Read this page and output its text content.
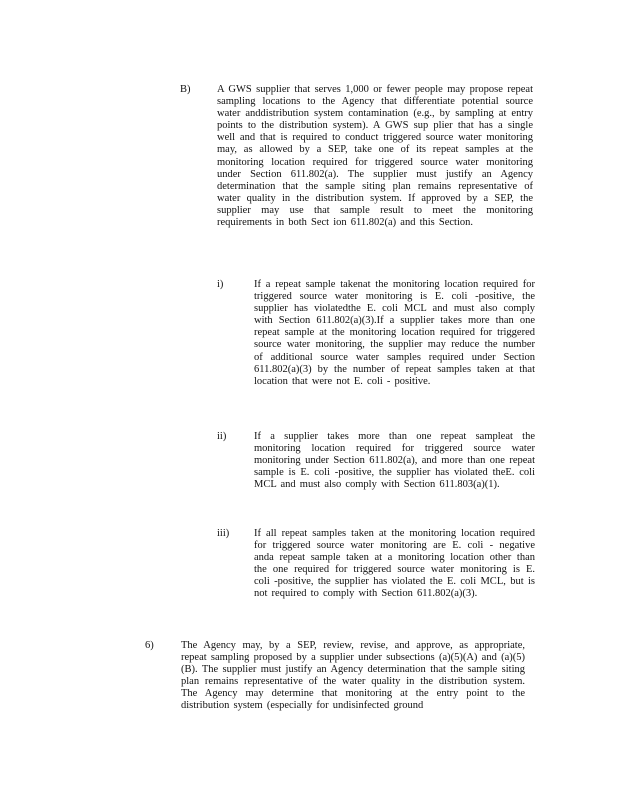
B)	A GWS supplier that serves 1,000 or fewer people may propose repeat sampling locations to the Agency that differentiate potential source water anddistribution system contamination (e.g., by sampling at entry points to the distribution system). A GWS sup plier that has a single well and that is required to conduct triggered source water monitoring may, as allowed by a SEP, take one of its repeat samples at the monitoring location required for triggered source water monitoring under Section 611.802(a). The supplier must justify an Agency determination that the sample siting plan remains representative of water quality in the distribution system. If approved by a SEP, the supplier may use that sample result to meet the monitoring requirements in both Sect ion 611.802(a) and this Section.
i)	If a repeat sample takenat the monitoring location required for triggered source water monitoring is E. coli -positive, the supplier has violatedthe E. coli MCL and must also comply with Section 611.802(a)(3).If a supplier takes more than one repeat sample at the monitoring location required for triggered source water monitoring, the supplier may reduce the number of additional source water samples required under Section 611.802(a)(3) by the number of repeat samples taken at that location that were not E. coli - positive.
ii)	If a supplier takes more than one repeat sampleat the monitoring location required for triggered source water monitoring under Section 611.802(a), and more than one repeat sample is E. coli -positive, the supplier has violated theE. coli MCL and must also comply with Section 611.803(a)(1).
iii) If all repeat samples taken at the monitoring location required for triggered source water monitoring are E. coli - negative anda repeat sample taken at a monitoring location other than the one required for triggered source water monitoring is E. coli -positive, the supplier has violated the E. coli MCL, but is not required to comply with Section 611.802(a)(3).
6)	The Agency may, by a SEP, review, revise, and approve, as appropriate, repeat sampling proposed by a supplier under subsections (a)(5)(A) and (a)(5)(B). The supplier must justify an Agency determination that the sample siting plan remains representative of the water quality in the distribution system. The Agency may determine that monitoring at the entry point to the distribution system (especially for undisinfected ground
